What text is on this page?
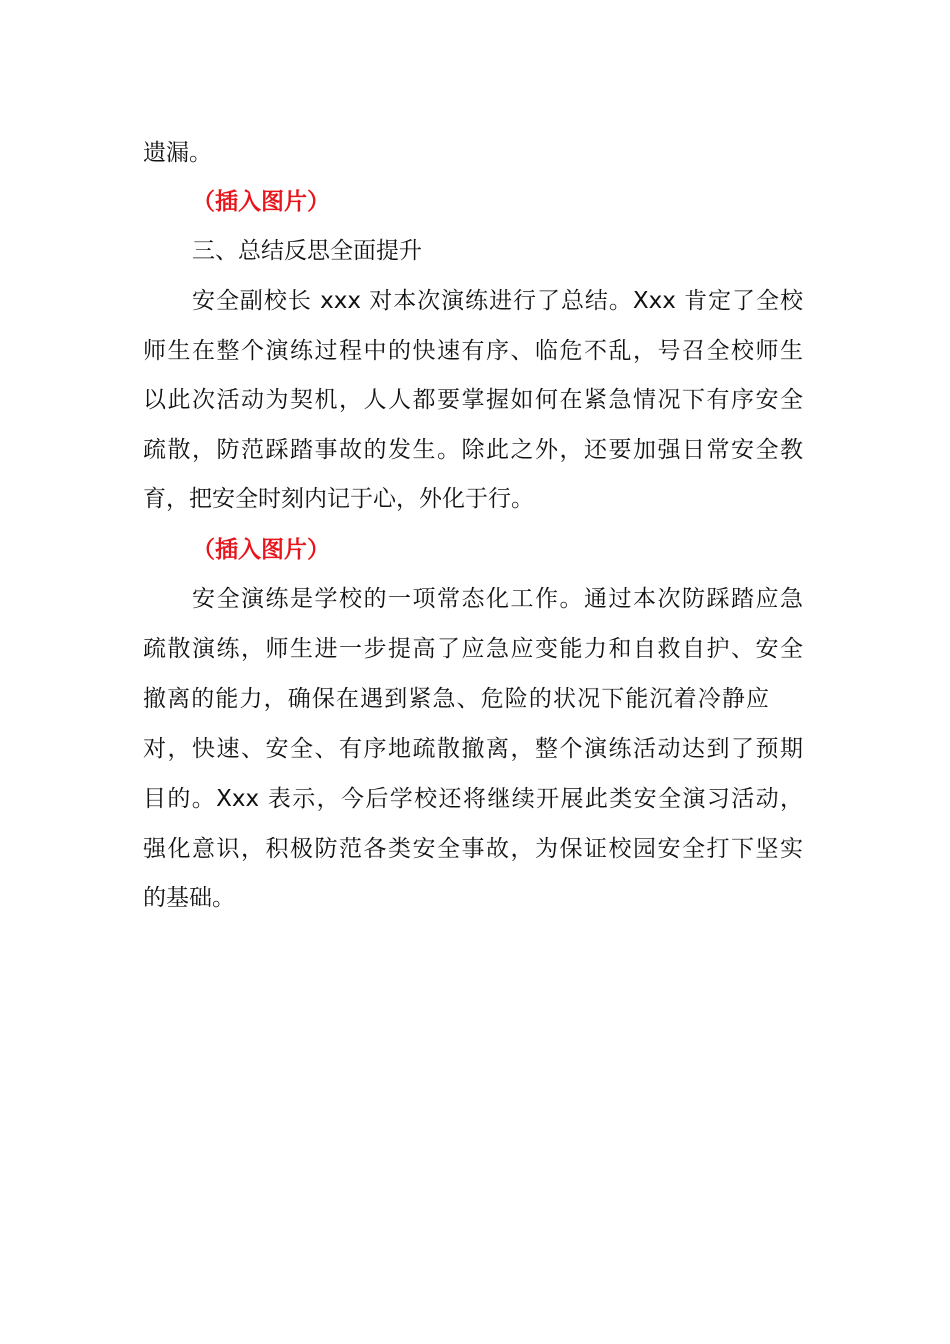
遗漏。
（插入图片）
三、总结反思全面提升
安全副校长 xxx 对本次演练进行了总结。Xxx 肯定了全校
师生在整个演练过程中的快速有序、临危不乱，号召全校师生
以此次活动为契机，人人都要掌握如何在紧急情况下有序安全
疏散，防范踩踏事故的发生。除此之外，还要加强日常安全教
育，把安全时刻内记于心，外化于行。
（插入图片）
安全演练是学校的一项常态化工作。通过本次防踩踏应急
疏散演练，师生进一步提高了应急应变能力和自救自护、安全
撤离的能力，确保在遇到紧急、危险的状况下能沉着冷静应
对，快速、安全、有序地疏散撤离，整个演练活动达到了预期
目的。Xxx 表示，今后学校还将继续开展此类安全演习活动，
强化意识，积极防范各类安全事故，为保证校园安全打下坚实
的基础。
